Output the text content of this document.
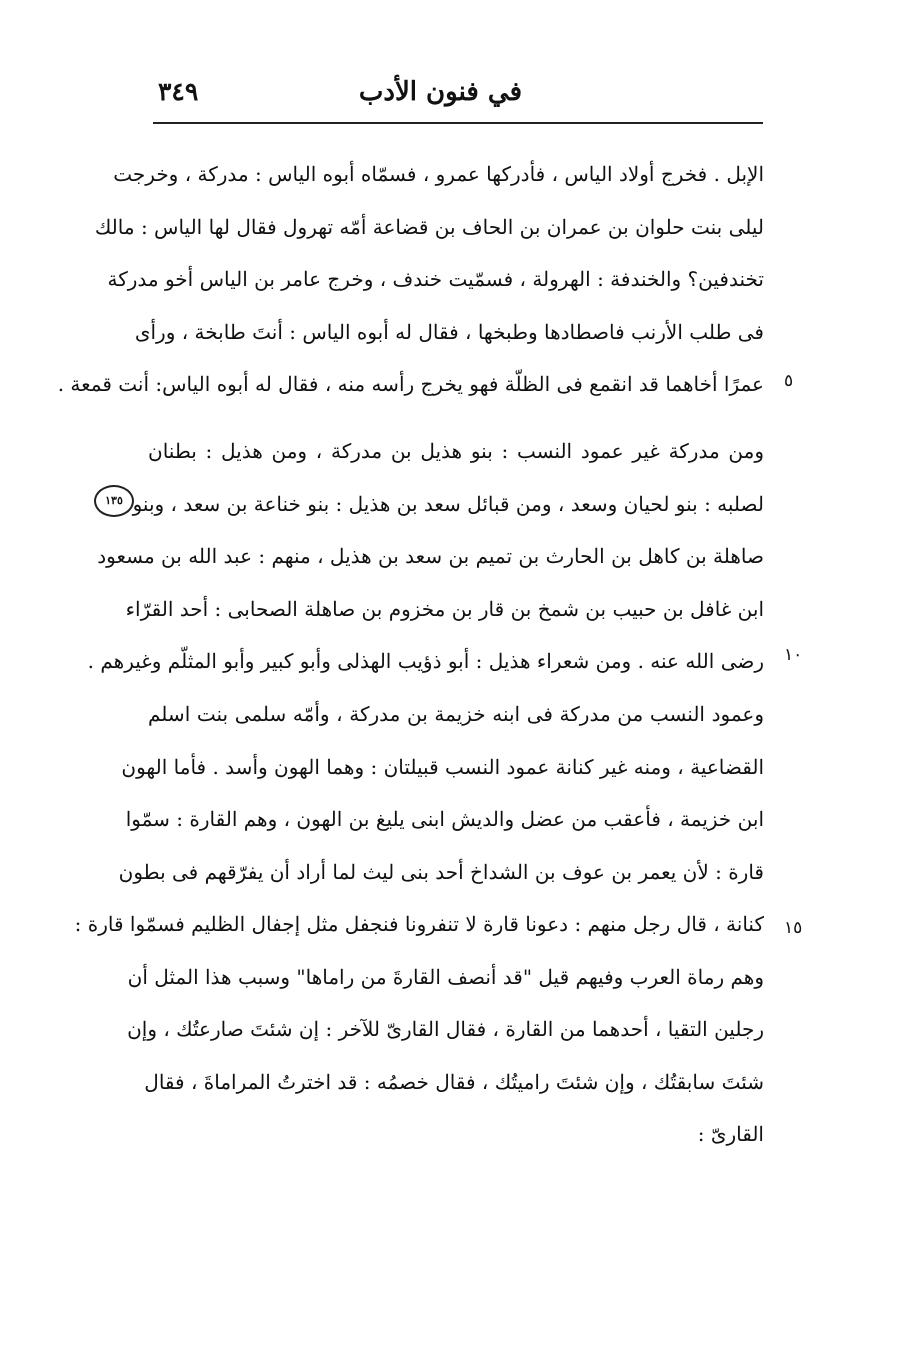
في فنون الأدب
٣٤٩
الإبل . فخرج أولاد الياس ، فأدركها عمرو ، فسمّاه أبوه الياس : مدركة ، وخرجت
ليلى بنت حلوان بن عمران بن الحاف بن قضاعة أمّه تهرول فقال لها الياس : مالك
تخندفين؟ والخندفة : الهرولة ، فسمّيت خندف ، وخرج عامر بن الياس أخو مدركة
فى طلب الأرنب فاصطادها وطبخها ، فقال له أبوه الياس : أنتَ طابخة ، ورأى
عمرًا أخاهما قد انقمع فى الظلّة فهو يخرج رأسه منه ، فقال له أبوه الياس: أنت قمعة .
ومن مدركة غير عمود النسب : بنو هذيل بن مدركة ، ومن هذيل : بطنان
لصلبه : بنو لحيان وسعد ، ومن قبائل سعد بن هذيل : بنو خناعة بن سعد ، وبنو
صاهلة بن كاهل بن الحارث بن تميم بن سعد بن هذيل ، منهم : عبد الله بن مسعود
ابن غافل بن حبيب بن شمخ بن قار بن مخزوم بن صاهلة الصحابى : أحد القرّاء
رضى الله عنه . ومن شعراء هذيل : أبو ذؤيب الهذلى وأبو كبير وأبو المثلّم وغيرهم .
وعمود النسب من مدركة فى ابنه خزيمة بن مدركة ، وأمّه سلمى بنت اسلم
القضاعية ، ومنه غير كنانة عمود النسب قبيلتان : وهما الهون وأسد . فأما الهون
ابن خزيمة ، فأعقب من عضل والديش ابنى يليغ بن الهون ، وهم القارة : سمّوا
قارة : لأن يعمر بن عوف بن الشداخ أحد بنى ليث لما أراد أن يفرّقهم فى بطون
كنانة ، قال رجل منهم : دعونا قارة لا تنفرونا فنجفل مثل إجفال الظليم فسمّوا قارة :
وهم رماة العرب وفيهم قيل "قد أنصف القارةَ من راماها" وسبب هذا المثل أن
رجلين التقيا ، أحدهما من القارة ، فقال القارىّ للآخر : إن شئتَ صارعتُك ، وإن
شئتَ سابقتُك ، وإن شئتَ راميتُك ، فقال خصمُه : قد اخترتُ المراماةَ ، فقال
القارىّ :
٥
١٠
١٥
١٣٥
